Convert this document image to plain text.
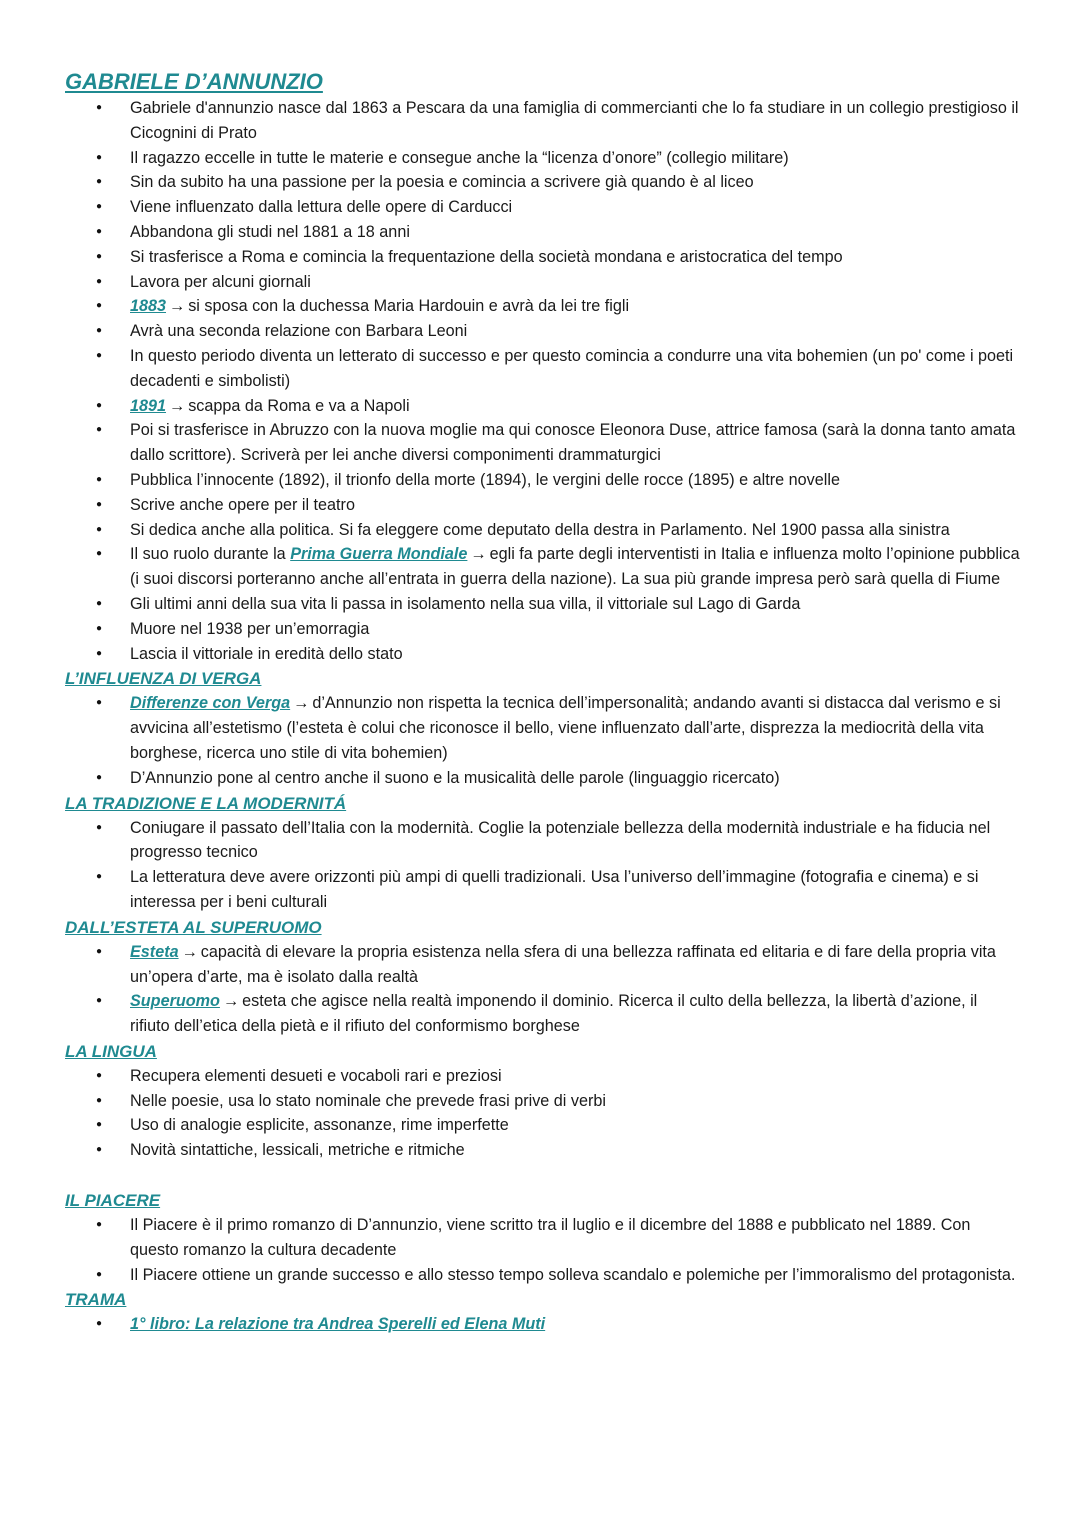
GABRIELE D’ANNUNZIO
● Gabriele d'annunzio nasce dal 1863 a Pescara da una famiglia di commercianti che lo fa studiare in un collegio prestigioso il Cicognini di Prato
● Il ragazzo eccelle in tutte le materie e consegue anche la “licenza d’onore” (collegio militare)
● Sin da subito ha una passione per la poesia e comincia a scrivere già quando è al liceo
● Viene influenzato dalla lettura delle opere di Carducci
● Abbandona gli studi nel 1881 a 18 anni
● Si trasferisce a Roma e comincia la frequentazione della società mondana e aristocratica del tempo
● Lavora per alcuni giornali
● 1883 → si sposa con la duchessa Maria Hardouin e avrà da lei tre figli
● Avrà una seconda relazione con Barbara Leoni
● In questo periodo diventa un letterato di successo e per questo comincia a condurre una vita bohemien (un po' come i poeti decadenti e simbolisti)
● 1891 → scappa da Roma e va a Napoli
● Poi si trasferisce in Abruzzo con la nuova moglie ma qui conosce Eleonora Duse, attrice famosa (sarà la donna tanto amata dallo scrittore). Scriverà per lei anche diversi componimenti drammaturgici
● Pubblica l’innocente (1892), il trionfo della morte (1894), le vergini delle rocce (1895) e altre novelle
● Scrive anche opere per il teatro
● Si dedica anche alla politica. Si fa eleggere come deputato della destra in Parlamento. Nel 1900 passa alla sinistra
● Il suo ruolo durante la Prima Guerra Mondiale → egli fa parte degli interventisti in Italia e influenza molto l’opinione pubblica (i suoi discorsi porteranno anche all’entrata in guerra della nazione). La sua più grande impresa però sarà quella di Fiume
● Gli ultimi anni della sua vita li passa in isolamento nella sua villa, il vittoriale sul Lago di Garda
● Muore nel 1938 per un’emorragia
● Lascia il vittoriale in eredità dello stato
L’INFLUENZA DI VERGA
● Differenze con Verga → d’Annunzio non rispetta la tecnica dell’impersonalità; andando avanti si distacca dal verismo e si avvicina all’estetismo (l’esteta è colui che riconosce il bello, viene influenzato dall’arte, disprezza la mediocrità della vita borghese, ricerca uno stile di vita bohemien)
● D’Annunzio pone al centro anche il suono e la musicalità delle parole (linguaggio ricercato)
LA TRADIZIONE E LA MODERNITÁ
● Coniugare il passato dell’Italia con la modernità. Coglie la potenziale bellezza della modernità industriale e ha fiducia nel progresso tecnico
● La letteratura deve avere orizzonti più ampi di quelli tradizionali. Usa l’universo dell’immagine (fotografia e cinema) e si interessa per i beni culturali
DALL’ESTETA AL SUPERUOMO
● Esteta → capacità di elevare la propria esistenza nella sfera di una bellezza raffinata ed elitaria e di fare della propria vita un’opera d’arte, ma è isolato dalla realtà
● Superuomo → esteta che agisce nella realtà imponendo il dominio. Ricerca il culto della bellezza, la libertà d’azione, il rifiuto dell’etica della pietà e il rifiuto del conformismo borghese
LA LINGUA
● Recupera elementi desueti e vocaboli rari e preziosi
● Nelle poesie, usa lo stato nominale che prevede frasi prive di verbi
● Uso di analogie esplicite, assonanze, rime imperfette
● Novità sintattiche, lessicali, metriche e ritmiche
IL PIACERE
● Il Piacere è il primo romanzo di D’annunzio, viene scritto tra il luglio e il dicembre del 1888 e pubblicato nel 1889. Con questo romanzo la cultura decadente
● Il Piacere ottiene un grande successo e allo stesso tempo solleva scandalo e polemiche per l’immoralismo del protagonista.
TRAMA
● 1° libro: La relazione tra Andrea Sperelli ed Elena Muti
